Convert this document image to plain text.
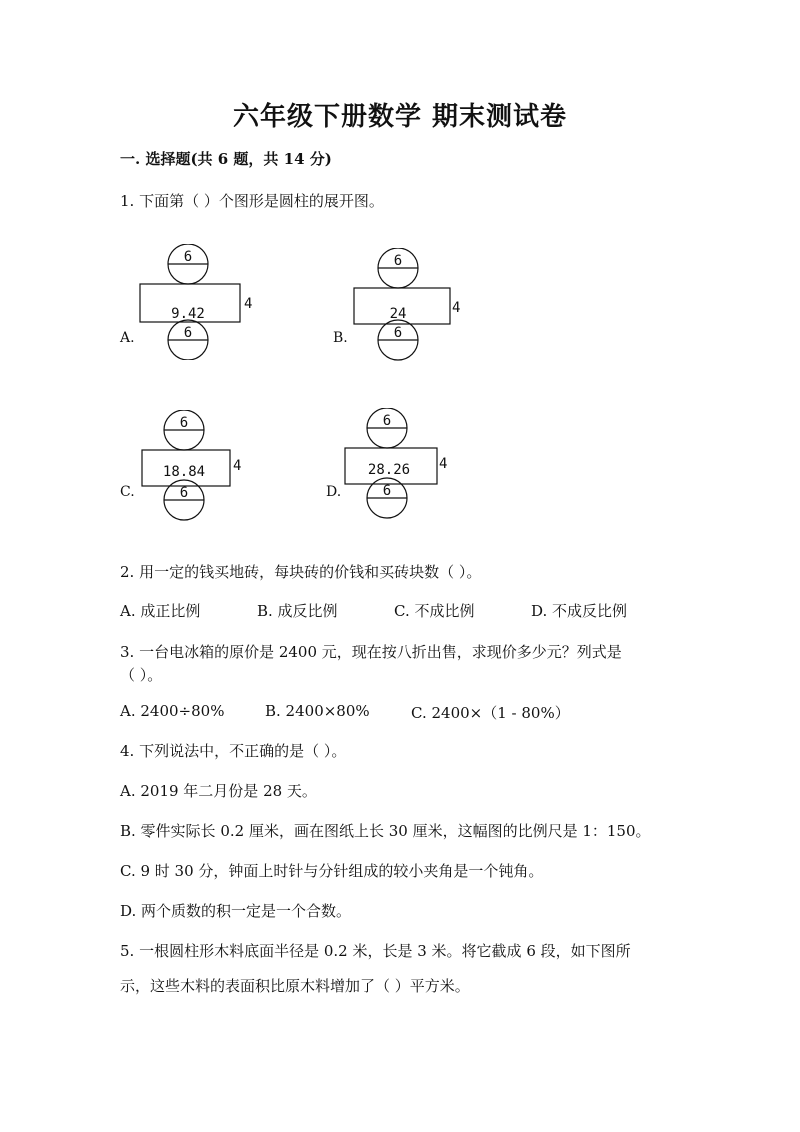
六年级下册数学 期末测试卷
一. 选择题(共 6 题，共 14 分)
1. 下面第（ ）个图形是圆柱的展开图。
A.
6
9.42
4
6	B.
6
24	4
6
C.
6
18.84 4
6	D.
6
28.26 4
6
2. 用一定的钱买地砖，每块砖的价钱和买砖块数（ ）。
A. 成正比例	B. 成反比例	C. 不成比例	D. 不成反比例
3. 一台电冰箱的原价是 2400 元，现在按八折出售，求现价多少元？列式是
（ ）。
A. 2400÷80%	B. 2400×80%	C. 2400×（1 - 80%）
4. 下列说法中，不正确的是（ ）。
A. 2019 年二月份是 28 天。
B. 零件实际长 0.2 厘米，画在图纸上长 30 厘米，这幅图的比例尺是 1：150。
C. 9 时 30 分，钟面上时针与分针组成的较小夹角是一个钝角。
D. 两个质数的积一定是一个合数。
5. 一根圆柱形木料底面半径是 0.2 米，长是 3 米。将它截成 6 段，如下图所
示，这些木料的表面积比原木料增加了（ ）平方米。
